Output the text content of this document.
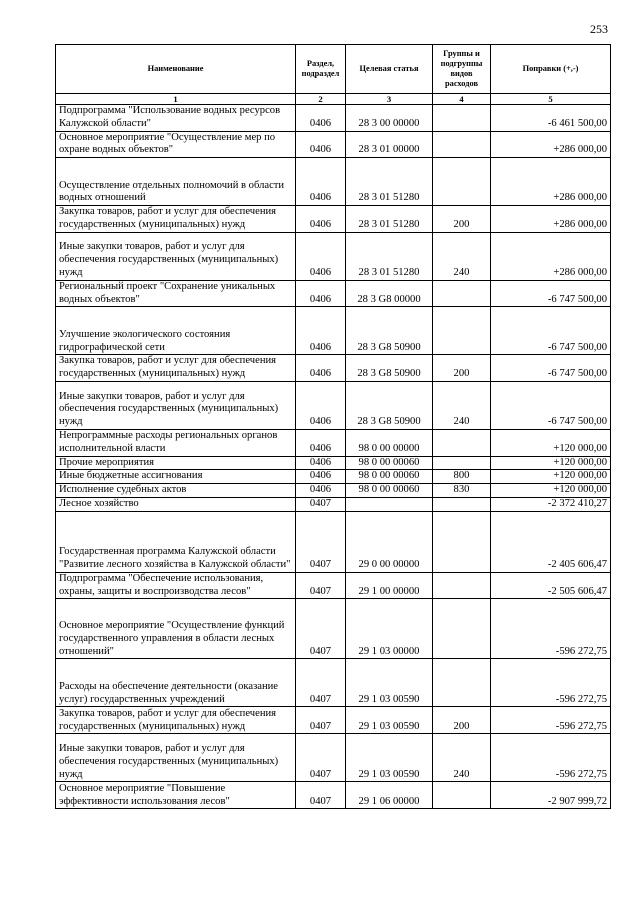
253
Наименование	Раздел, подраздел	Целевая статья	Группы и подгруппы видов расходов	Поправки (+,-)
1	2	3	4	5
Подпрограмма "Использование водных ресурсов Калужской области"	0406	28 3 00 00000		-6 461 500,00
Основное мероприятие "Осуществление мер по охране водных объектов"	0406	28 3 01 00000		+286 000,00
Осуществление отдельных полномочий в области водных отношений	0406	28 3 01 51280		+286 000,00
Закупка товаров, работ и услуг для обеспечения государственных (муниципальных) нужд	0406	28 3 01 51280	200	+286 000,00
Иные закупки товаров, работ и услуг для обеспечения государственных (муниципальных) нужд	0406	28 3 01 51280	240	+286 000,00
Региональный проект "Сохранение уникальных водных объектов"	0406	28 3 G8 00000		-6 747 500,00
Улучшение экологического состояния гидрографической сети	0406	28 3 G8 50900		-6 747 500,00
Закупка товаров, работ и услуг для обеспечения государственных (муниципальных) нужд	0406	28 3 G8 50900	200	-6 747 500,00
Иные закупки товаров, работ и услуг для обеспечения государственных (муниципальных) нужд	0406	28 3 G8 50900	240	-6 747 500,00
Непрограммные расходы региональных органов исполнительной власти	0406	98 0 00 00000		+120 000,00
Прочие мероприятия	0406	98 0 00 00060		+120 000,00
Иные бюджетные ассигнования	0406	98 0 00 00060	800	+120 000,00
Исполнение судебных актов	0406	98 0 00 00060	830	+120 000,00
Лесное хозяйство	0407			-2 372 410,27
Государственная программа Калужской области "Развитие лесного хозяйства в Калужской области"	0407	29 0 00 00000		-2 405 606,47
Подпрограмма "Обеспечение использования, охраны, защиты и воспроизводства лесов"	0407	29 1 00 00000		-2 505 606,47
Основное мероприятие "Осуществление функций государственного управления в области лесных отношений"	0407	29 1 03 00000		-596 272,75
Расходы на обеспечение деятельности (оказание услуг) государственных учреждений	0407	29 1 03 00590		-596 272,75
Закупка товаров, работ и услуг для обеспечения государственных (муниципальных) нужд	0407	29 1 03 00590	200	-596 272,75
Иные закупки товаров, работ и услуг для обеспечения государственных (муниципальных) нужд	0407	29 1 03 00590	240	-596 272,75
Основное мероприятие "Повышение эффективности использования лесов"	0407	29 1 06 00000		-2 907 999,72
